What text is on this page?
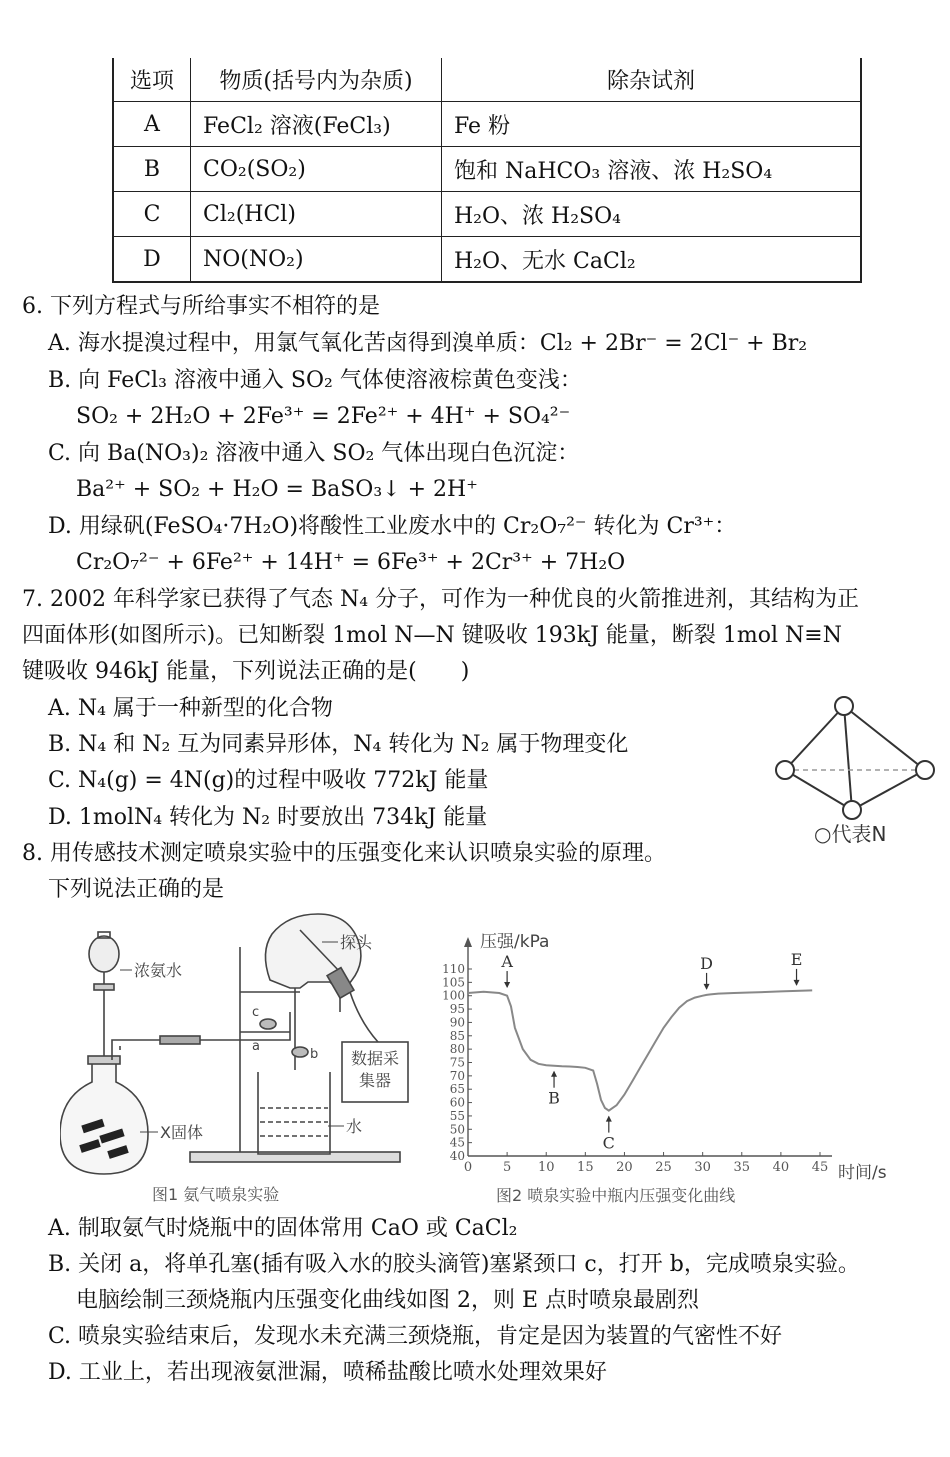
选项	物质(括号内为杂质)	除杂试剂
A	FeCl₂ 溶液(FeCl₃)	Fe 粉
B	CO₂(SO₂)	饱和 NaHCO₃ 溶液、浓 H₂SO₄
C	Cl₂(HCl)	H₂O、浓 H₂SO₄
D	NO(NO₂)	H₂O、无水 CaCl₂
6. 下列方程式与所给事实不相符的是
A. 海水提溴过程中，用氯气氧化苦卤得到溴单质：Cl₂ + 2Br⁻ = 2Cl⁻ + Br₂
B. 向 FeCl₃ 溶液中通入 SO₂ 气体使溶液棕黄色变浅：
SO₂ + 2H₂O + 2Fe³⁺ = 2Fe²⁺ + 4H⁺ + SO₄²⁻
C. 向 Ba(NO₃)₂ 溶液中通入 SO₂ 气体出现白色沉淀：
Ba²⁺ + SO₂ + H₂O = BaSO₃↓ + 2H⁺
D. 用绿矾(FeSO₄·7H₂O)将酸性工业废水中的 Cr₂O₇²⁻ 转化为 Cr³⁺：
Cr₂O₇²⁻ + 6Fe²⁺ + 14H⁺ = 6Fe³⁺ + 2Cr³⁺ + 7H₂O
7. 2002 年科学家已获得了气态 N₄ 分子，可作为一种优良的火箭推进剂，其结构为正
四面体形(如图所示)。已知断裂 1mol N—N 键吸收 193kJ 能量，断裂 1mol N≡N
键吸收 946kJ 能量，下列说法正确的是(　　)
A. N₄ 属于一种新型的化合物
B. N₄ 和 N₂ 互为同素异形体，N₄ 转化为 N₂ 属于物理变化
C. N₄(g) = 4N(g)的过程中吸收 772kJ 能量
D. 1molN₄ 转化为 N₂ 时要放出 734kJ 能量
○代表N
8. 用传感技术测定喷泉实验中的压强变化来认识喷泉实验的原理。
下列说法正确的是
浓氨水
X固体
探头
数据采集器
水
a
b
c
图1 氨气喷泉实验
40
45
50
55
60
65
70
75
80
85
90
95
100
105
110
0 5 10 15 20 25 30 35 40 45
A
B
C
D	E
压强/kPa
时间/s
图2 喷泉实验中瓶内压强变化曲线
A. 制取氨气时烧瓶中的固体常用 CaO 或 CaCl₂
B. 关闭 a，将单孔塞(插有吸入水的胶头滴管)塞紧颈口 c，打开 b，完成喷泉实验。
电脑绘制三颈烧瓶内压强变化曲线如图 2，则 E 点时喷泉最剧烈
C. 喷泉实验结束后，发现水未充满三颈烧瓶，肯定是因为装置的气密性不好
D. 工业上，若出现液氨泄漏，喷稀盐酸比喷水处理效果好
